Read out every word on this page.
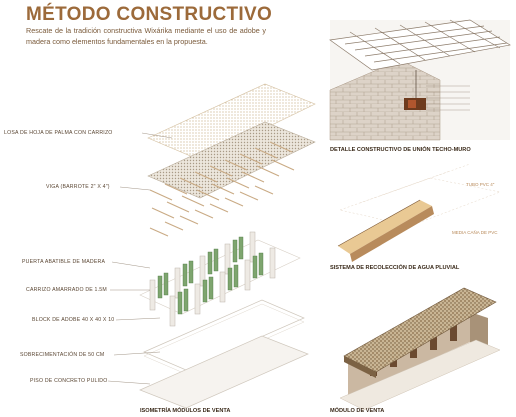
MÉTODO CONSTRUCTIVO
Rescate de la tradición constructiva Wixárika mediante el uso de adobe y madera como elementos fundamentales en la propuesta.
LOSA DE HOJA DE PALMA CON CARRIZO
VIGA (BARROTE 2" X 4")
PUERTA ABATIBLE DE MADERA
CARRIZO AMARRADO DE 1.5M
BLOCK DE ADOBE 40 X 40 X 10
SOBRECIMENTACIÓN DE 50 CM
PISO DE CONCRETO PULIDO
ISOMETRÍA MÓDULOS DE VENTA
DETALLE CONSTRUCTIVO DE UNIÓN TECHO-MURO
TUBO PVC 4"
MEDIA CAÑA DE PVC
SISTEMA DE RECOLECCIÓN DE AGUA PLUVIAL
MÓDULO DE VENTA
